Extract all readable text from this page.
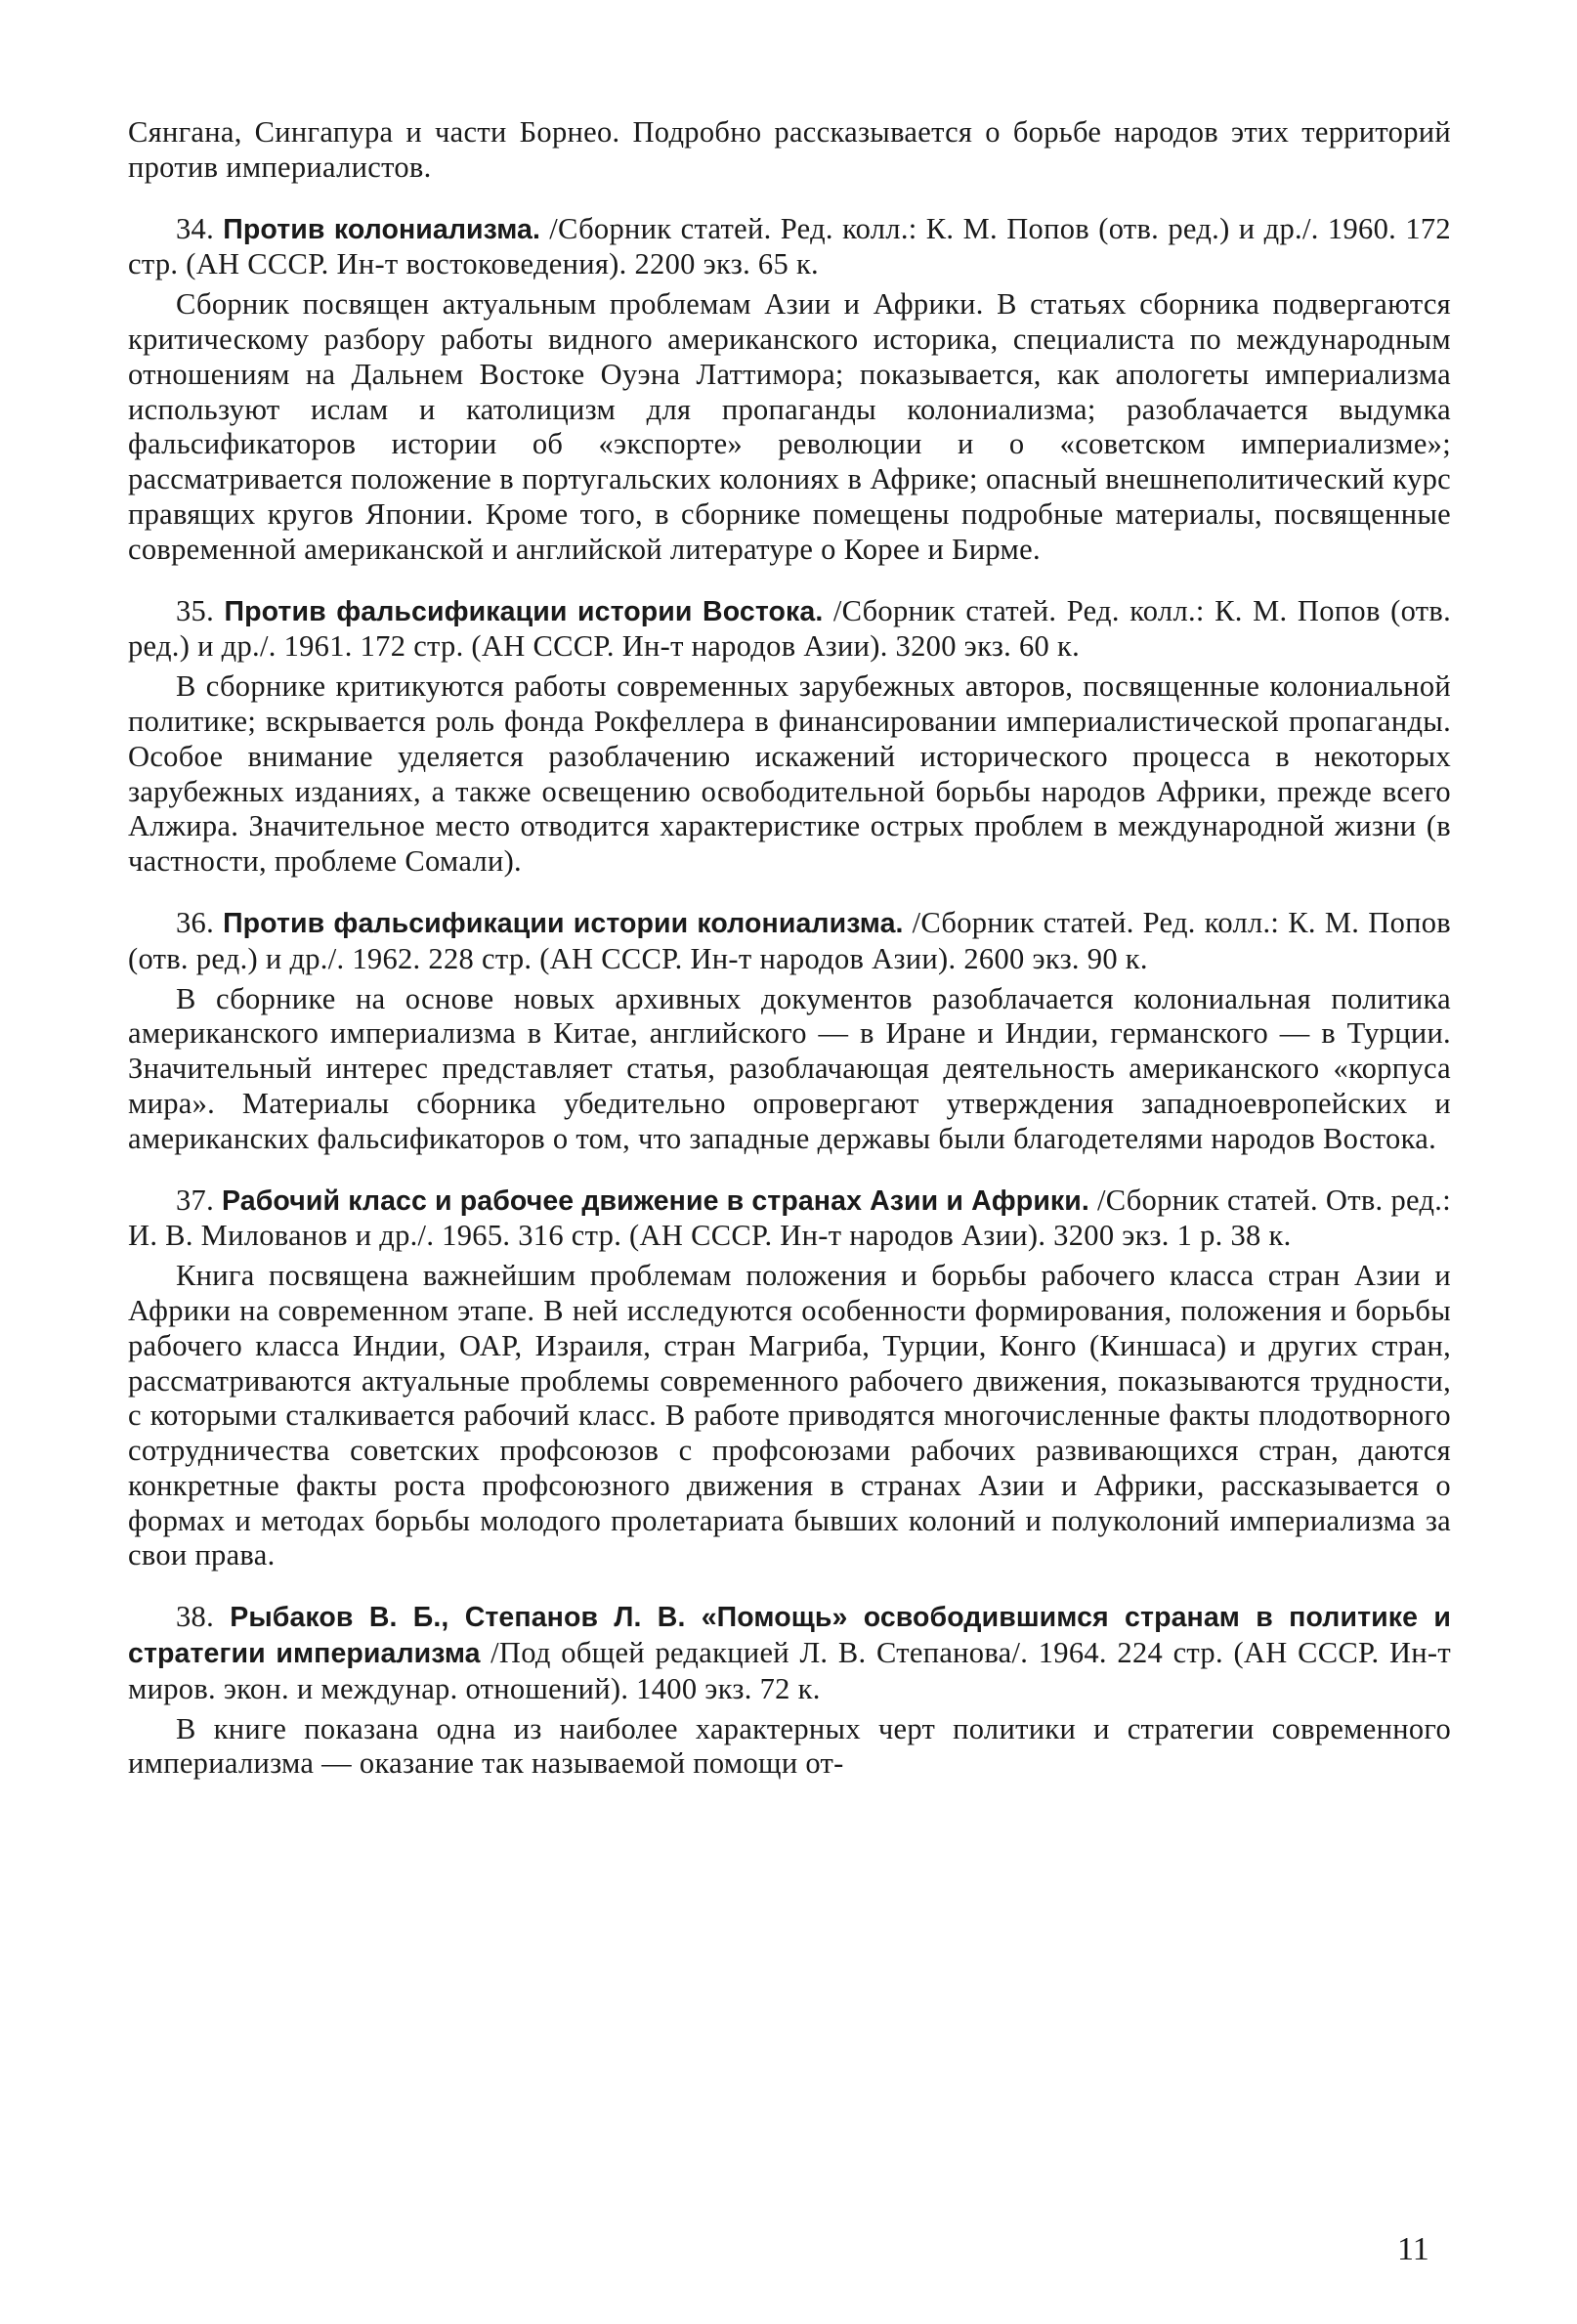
Сянгана, Сингапура и части Борнео. Подробно рассказывается о борьбе народов этих территорий против империалистов.

34. Против колониализма. /Сборник статей. Ред. колл.: К. М. Попов (отв. ред.) и др./. 1960. 172 стр. (АН СССР. Ин-т востоковедения). 2200 экз. 65 к.

Сборник посвящен актуальным проблемам Азии и Африки. В статьях сборника подвергаются критическому разбору работы видного американского историка, специалиста по международным отношениям на Дальнем Востоке Оуэна Латтимора; показывается, как апологеты империализма используют ислам и католицизм для пропаганды колониализма; разоблачается выдумка фальсификаторов истории об «экспорте» революции и о «советском империализме»; рассматривается положение в португальских колониях в Африке; опасный внешнеполитический курс правящих кругов Японии. Кроме того, в сборнике помещены подробные материалы, посвященные современной американской и английской литературе о Корее и Бирме.

35. Против фальсификации истории Востока. /Сборник статей. Ред. колл.: К. М. Попов (отв. ред.) и др./. 1961. 172 стр. (АН СССР. Ин-т народов Азии). 3200 экз. 60 к.

В сборнике критикуются работы современных зарубежных авторов, посвященные колониальной политике; вскрывается роль фонда Рокфеллера в финансировании империалистической пропаганды. Особое внимание уделяется разоблачению искажений исторического процесса в некоторых зарубежных изданиях, а также освещению освободительной борьбы народов Африки, прежде всего Алжира. Значительное место отводится характеристике острых проблем в международной жизни (в частности, проблеме Сомали).

36. Против фальсификации истории колониализма. /Сборник статей. Ред. колл.: К. М. Попов (отв. ред.) и др./. 1962. 228 стр. (АН СССР. Ин-т народов Азии). 2600 экз. 90 к.

В сборнике на основе новых архивных документов разоблачается колониальная политика американского империализма в Китае, английского — в Иране и Индии, германского — в Турции. Значительный интерес представляет статья, разоблачающая деятельность американского «корпуса мира». Материалы сборника убедительно опровергают утверждения западноевропейских и американских фальсификаторов о том, что западные державы были благодетелями народов Востока.

37. Рабочий класс и рабочее движение в странах Азии и Африки. /Сборник статей. Отв. ред.: И. В. Милованов и др./. 1965. 316 стр. (АН СССР. Ин-т народов Азии). 3200 экз. 1 р. 38 к.

Книга посвящена важнейшим проблемам положения и борьбы рабочего класса стран Азии и Африки на современном этапе. В ней исследуются особенности формирования, положения и борьбы рабочего класса Индии, ОАР, Израиля, стран Магриба, Турции, Конго (Киншаса) и других стран, рассматриваются актуальные проблемы современного рабочего движения, показываются трудности, с которыми сталкивается рабочий класс. В работе приводятся многочисленные факты плодотворного сотрудничества советских профсоюзов с профсоюзами рабочих развивающихся стран, даются конкретные факты роста профсоюзного движения в странах Азии и Африки, рассказывается о формах и методах борьбы молодого пролетариата бывших колоний и полуколоний империализма за свои права.

38. Рыбаков В. Б., Степанов Л. В. «Помощь» освободившимся странам в политике и стратегии империализма /Под общей редакцией Л. В. Степанова/. 1964. 224 стр. (АН СССР. Ин-т миров. экон. и междунар. отношений). 1400 экз. 72 к.

В книге показана одна из наиболее характерных черт политики и стратегии современного империализма — оказание так называемой помощи от-

11
